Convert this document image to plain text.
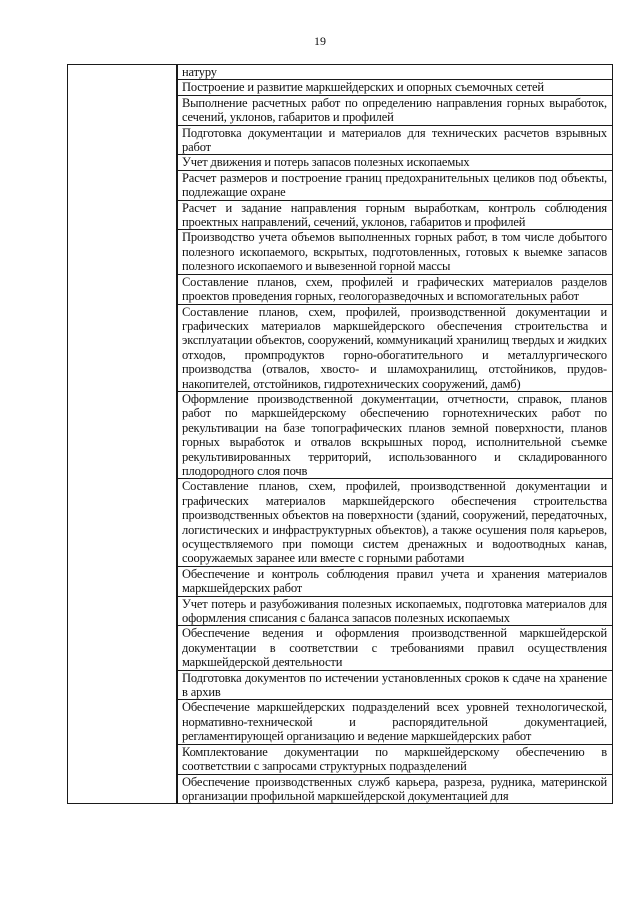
19

натуру

Построение и развитие маркшейдерских и опорных съемочных сетей

Выполнение расчетных работ по определению направления горных выработок, сечений, уклонов, габаритов и профилей

Подготовка документации и материалов для технических расчетов взрывных работ

Учет движения и потерь запасов полезных ископаемых

Расчет размеров и построение границ предохранительных целиков под объекты, подлежащие охране

Расчет и задание направления горным выработкам, контроль соблюдения проектных направлений, сечений, уклонов, габаритов и профилей

Производство учета объемов выполненных горных работ, в том числе добытого полезного ископаемого, вскрытых, подготовленных, готовых к выемке запасов полезного ископаемого и вывезенной горной массы

Составление планов, схем, профилей и графических материалов разделов проектов проведения горных, геологоразведочных и вспомогательных работ

Составление планов, схем, профилей, производственной документации и графических материалов маркшейдерского обеспечения строительства и эксплуатации объектов, сооружений, коммуникаций хранилищ твердых и жидких отходов, промпродуктов горно-обогатительного и металлургического производства (отвалов, хвосто- и шламохранилищ, отстойников, прудов-накопителей, отстойников, гидротехнических сооружений, дамб)

Оформление производственной документации, отчетности, справок, планов работ по маркшейдерскому обеспечению горнотехнических работ по рекультивации на базе топографических планов земной поверхности, планов горных выработок и отвалов вскрышных пород, исполнительной съемке рекультивированных территорий, использованного и складированного плодородного слоя почв

Составление планов, схем, профилей, производственной документации и графических материалов маркшейдерского обеспечения строительства производственных объектов на поверхности (зданий, сооружений, передаточных, логистических и инфраструктурных объектов), а также осушения поля карьеров, осуществляемого при помощи систем дренажных и водоотводных канав, сооружаемых заранее или вместе с горными работами

Обеспечение и контроль соблюдения правил учета и хранения материалов маркшейдерских работ

Учет потерь и разубоживания полезных ископаемых, подготовка материалов для оформления списания с баланса запасов полезных ископаемых

Обеспечение ведения и оформления производственной маркшейдерской документации в соответствии с требованиями правил осуществления маркшейдерской деятельности

Подготовка документов по истечении установленных сроков к сдаче на хранение в архив

Обеспечение маркшейдерских подразделений всех уровней технологической, нормативно-технической и распорядительной документацией, регламентирующей организацию и ведение маркшейдерских работ

Комплектование документации по маркшейдерскому обеспечению в соответствии с запросами структурных подразделений

Обеспечение производственных служб карьера, разреза, рудника, материнской организации профильной маркшейдерской документацией для
